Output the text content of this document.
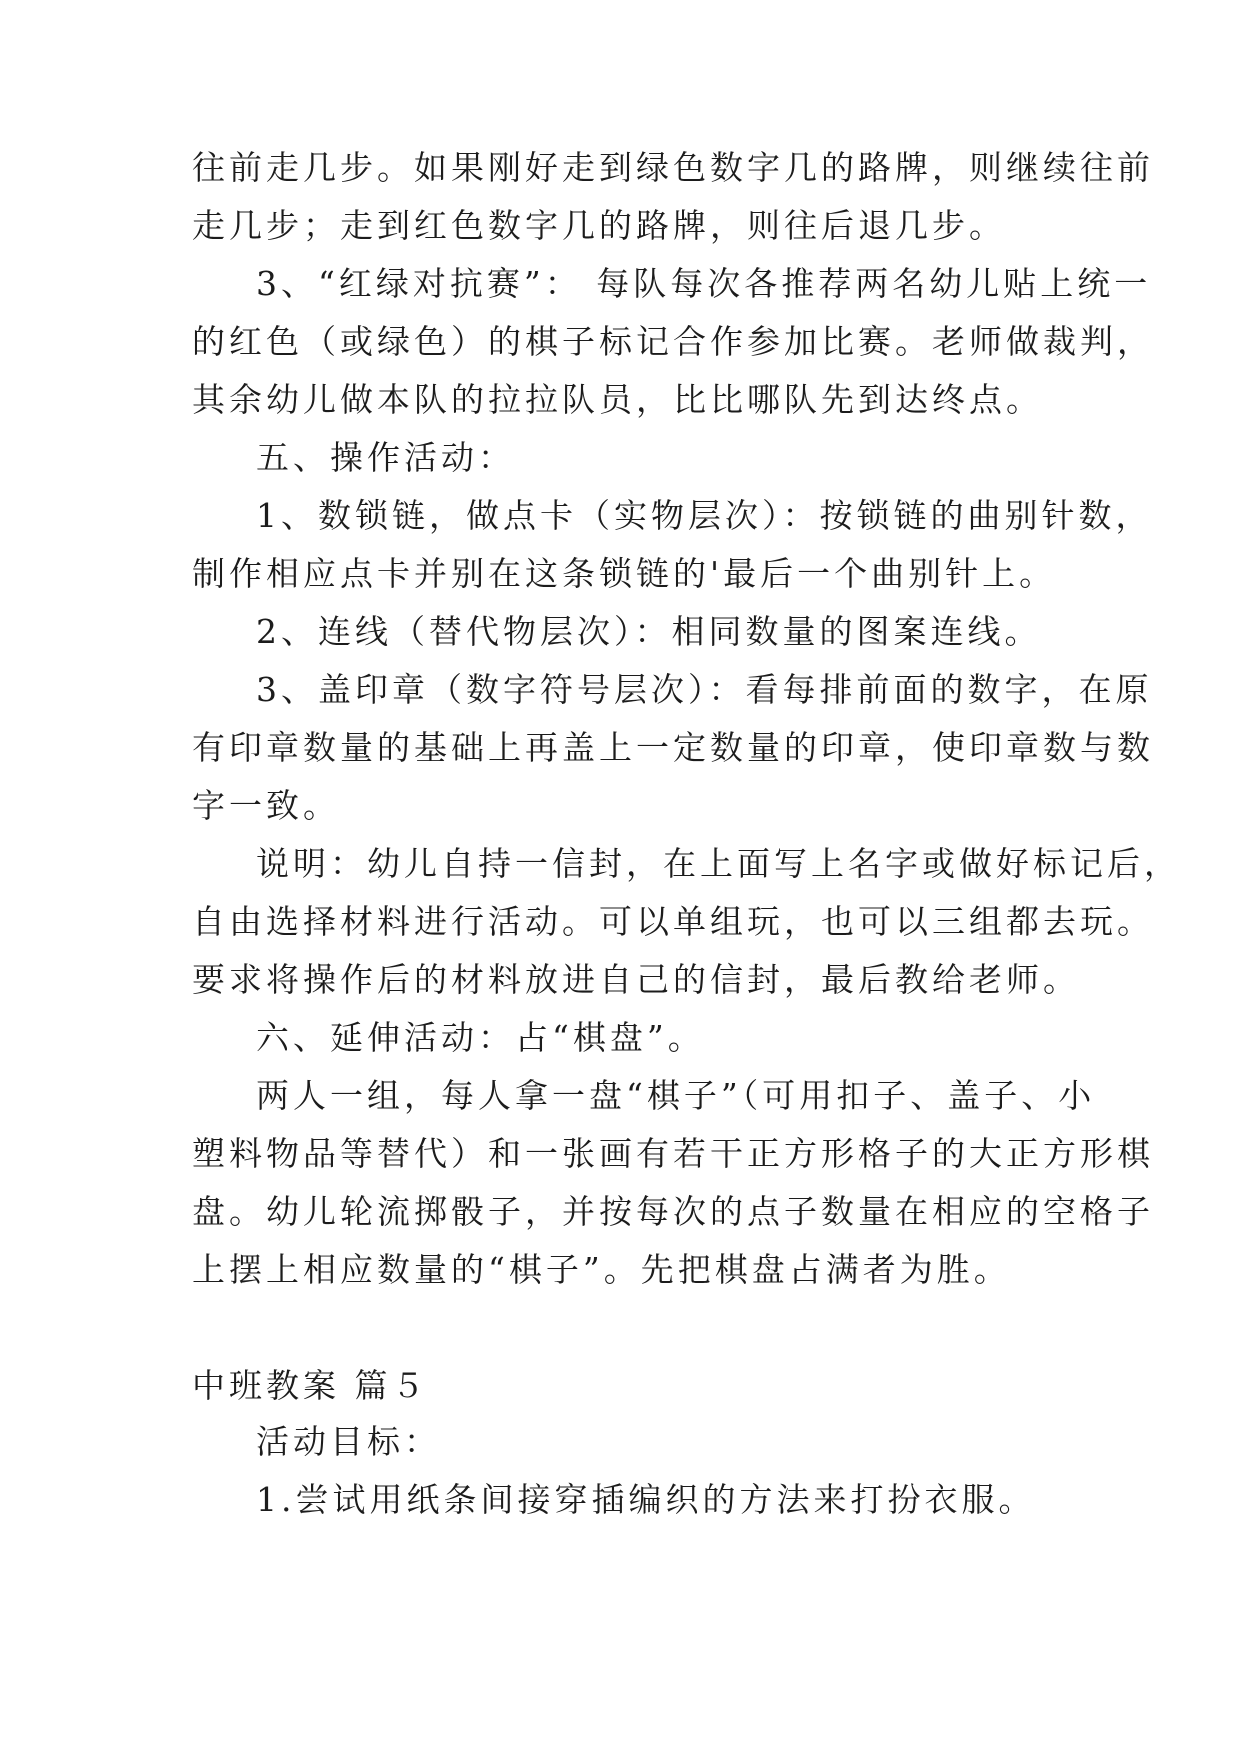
往前走几步。如果刚好走到绿色数字几的路牌，则继续往前
走几步；走到红色数字几的路牌，则往后退几步。
3、“红绿对抗赛”： 每队每次各推荐两名幼儿贴上统一
的红色（或绿色）的棋子标记合作参加比赛。老师做裁判，
其余幼儿做本队的拉拉队员，比比哪队先到达终点。
五、操作活动：
1、数锁链，做点卡（实物层次）：按锁链的曲别针数，
制作相应点卡并别在这条锁链的'最后一个曲别针上。
2、连线（替代物层次）：相同数量的图案连线。
3、盖印章（数字符号层次）：看每排前面的数字，在原
有印章数量的基础上再盖上一定数量的印章，使印章数与数
字一致。
说明：幼儿自持一信封，在上面写上名字或做好标记后，
自由选择材料进行活动。可以单组玩，也可以三组都去玩。
要求将操作后的材料放进自己的信封，最后教给老师。
六、延伸活动：占“棋盘”。
两人一组，每人拿一盘“棋子”（可用扣子、盖子、小
塑料物品等替代）和一张画有若干正方形格子的大正方形棋
盘。幼儿轮流掷骰子，并按每次的点子数量在相应的空格子
上摆上相应数量的“棋子”。先把棋盘占满者为胜。
中班教案 篇５
活动目标：
1.尝试用纸条间接穿插编织的方法来打扮衣服。
